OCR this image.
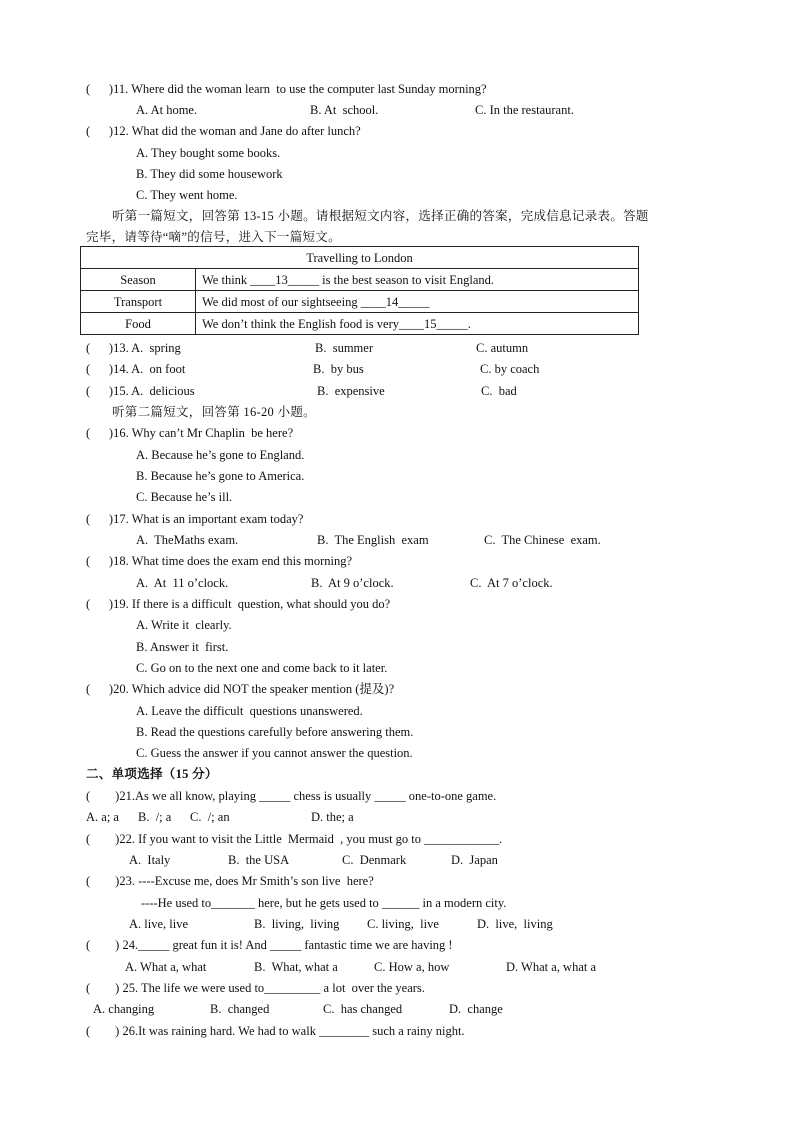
(      )11. Where did the woman learn  to use the computer last Sunday morning?
A. At home.	B. At  school.	C. In the restaurant.
(      )12. What did the woman and Jane do after lunch?
A. They bought some books.
B. They did some housework
C. They went home.
听第一篇短文，回答第 13-15 小题。请根据短文内容，选择正确的答案，完成信息记录表。答题
完毕，请等待“嘀”的信号，进入下一篇短文。
Travelling to London	
Season	We think ____13_____ is the best season to visit England.
Transport	We did most of our sightseeing ____14_____
Food	We don’t think the English food is very____15_____.
(      )13. A.  spring	B.  summer	C. autumn
(      )14. A.  on foot	B.  by bus	C. by coach
(      )15. A.  delicious	B.  expensive	C.  bad
听第二篇短文，回答第 16-20 小题。
(      )16. Why can’t Mr Chaplin  be here?
A. Because he’s gone to England.
B. Because he’s gone to America.
C. Because he’s ill.
(      )17. What is an important exam today?
A.  TheMaths exam.	B.  The English  exam	C.  The Chinese  exam.
(      )18. What time does the exam end this morning?
A.  At  11 o’clock.	B.  At 9 o’clock.	C.  At 7 o’clock.
(      )19. If there is a difficult  question, what should you do?
A. Write it  clearly.
B. Answer it  first.
C. Go on to the next one and come back to it later.
(      )20. Which advice did NOT the speaker mention (提及)?
A. Leave the difficult  questions unanswered.
B. Read the questions carefully before answering them.
C. Guess the answer if you cannot answer the question.
二、单项选择（15 分）
(        )21.As we all know, playing _____ chess is usually _____ one-to-one game.
A. a; a B.  /; a C.  /; an	D. the; a
(        )22. If you want to visit the Little  Mermaid  , you must go to ____________.
A.  Italy	B.  the USA	C.  Denmark	D.  Japan
(        )23. ----Excuse me, does Mr Smith’s son live  here?
----He used to_______ here, but he gets used to ______ in a modern city.
A. live, live	B.  living,  living C. living,  live	D.  live,  living
(        ) 24._____ great fun it is! And _____ fantastic time we are having !
A. What a, what	B.  What, what a	C. How a, how	D. What a, what a
(        ) 25. The life we were used to_________ a lot  over the years.
A. changing	B.  changed	C.  has changed	D.  change
(        ) 26.It was raining hard. We had to walk ________ such a rainy night.
